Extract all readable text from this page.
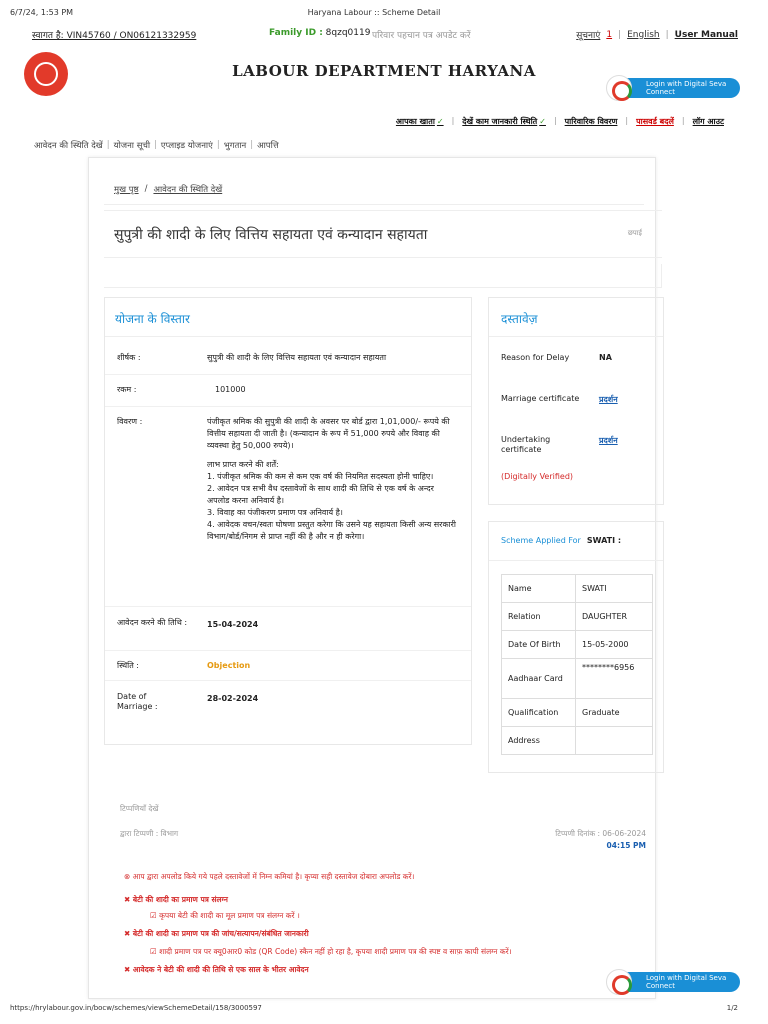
6/7/24, 1:53 PM	Haryana Labour :: Scheme Detail
स्वागत है: VIN45760 / ON06121332959	Family ID : 8qzq0119 परिवार पहचान पत्र अपडेट करें	सूचनाएं 1 | English | User Manual
LABOUR DEPARTMENT HARYANA
Login with Digital Seva Connect
आपका खाता ✓ | देखें काम जानकारी स्थिति ✓ | पारिवारिक विवरण | पासवर्ड बदलें | लॉग आउट
आवेदन की स्थिति देखें | योजना सूची | एप्लाइड योजनाएं | भुगतान | आपत्ति
मुख पृष्ठ / आवेदन की स्थिति देखें
सुपुत्री की शादी के लिए वित्तिय सहायता एवं कन्यादान सहायता	छपाई
योजना के विस्तार
शीर्षक :	सुपुत्री की शादी के लिए वित्तिय सहायता एवं कन्यादान सहायता
रकम :	101000
विवरण :	पंजीकृत श्रमिक की सुपुत्री की शादी के अवसर पर बोर्ड द्वारा 1,01,000/- रूपये की वित्तीय सहायता दी जाती है। (कन्यादान के रूप में 51,000 रुपये और विवाह की व्यवस्था हेतु 50,000 रुपये)।
लाभ प्राप्त करने की शर्तें:
1. पंजीकृत श्रमिक की कम से कम एक वर्ष की नियमित सदस्यता होनी चाहिए।
2. आवेदन पत्र सभी वैध दस्तावेजों के साथ शादी की तिथि से एक वर्ष के अन्दर अपलोड करना अनिवार्य है।
3. विवाह का पंजीकरण प्रमाण पत्र अनिवार्य है।
4. आवेदक वचन/स्वतः घोषणा प्रस्तुत करेगा कि उसने यह सहायता किसी अन्य सरकारी विभाग/बोर्ड/निगम से प्राप्त नहीं की है और न ही करेगा।
आवेदन करने की तिथि :	15-04-2024
स्थिति :	Objection
Date of Marriage :
28-02-2024
दस्तावेज़
Reason for Delay	NA
Marriage certificate प्रदर्शन
Undertaking certificate
प्रदर्शन
(Digitally Verified)
Scheme Applied For SWATI :
Name	SWATI
Relation	DAUGHTER
Date Of Birth	15-05-2000
Aadhaar Card	********6956
Qualification	Graduate
Address	
टिप्पणियाँ देखें
द्वारा टिप्पणी : विभाग	टिप्पणी दिनांक : 06-06-2024
04:15 PM
⊗ आप द्वारा अपलोड किये गये पहले दस्तावेजों में निम्न कमियां है। कृप्या सही दस्तावेज दोबारा अपलोड करें।
✖ बेटी की शादी का प्रमाण पत्र संलग्न
☑ कृपया बेटी की शादी का मूल प्रमाण पत्र संलग्न करें ।
✖ बेटी की शादी का प्रमाण पत्र की जांच/सत्यापन/संबंधित जानकारी
☑ शादी प्रमाण पत्र पर क्यू0आर0 कोड (QR Code) स्कैन नहीं हो रहा है, कृपया शादी प्रमाण पत्र की स्पष्ट व साफ़ कापी संलग्न करें।
✖ आवेदक ने बेटी की शादी की तिथि से एक साल के भीतर आवेदन
Login with Digital Seva Connect
https://hrylabour.gov.in/bocw/schemes/viewSchemeDetail/158/3000597	1/2
